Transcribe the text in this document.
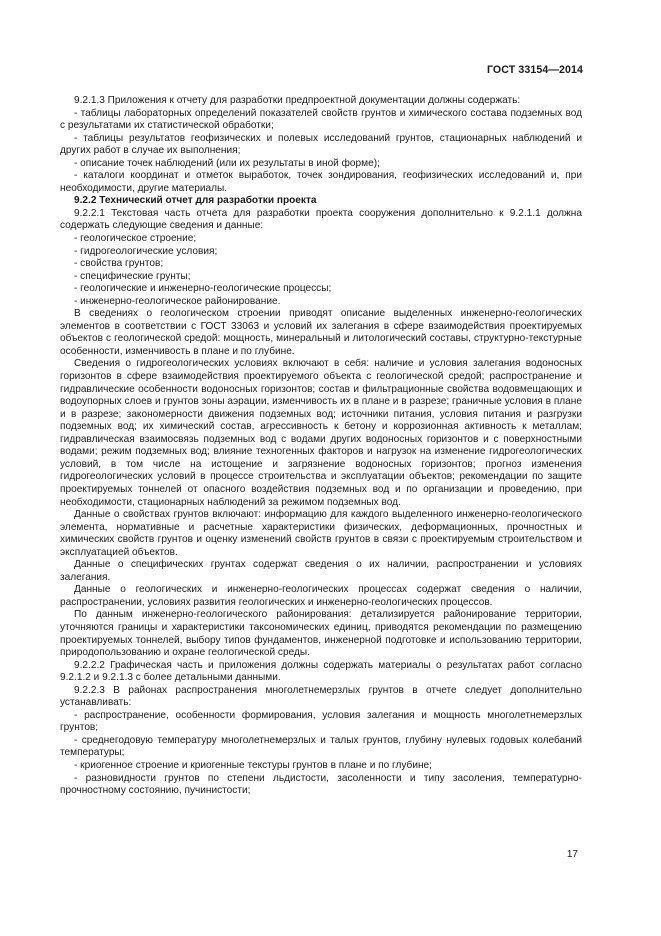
ГОСТ 33154—2014

9.2.1.3 Приложения к отчету для разработки предпроектной документации должны содержать:

- таблицы лабораторных определений показателей свойств грунтов и химического состава подземных вод с результатами их статистической обработки;

- таблицы результатов геофизических и полевых исследований грунтов, стационарных наблюдений и других работ в случае их выполнения;

- описание точек наблюдений (или их результаты в иной форме);

- каталоги координат и отметок выработок, точек зондирования, геофизических исследований и, при необходимости, другие материалы.

9.2.2 Технический отчет для разработки проекта

9.2.2.1 Текстовая часть отчета для разработки проекта сооружения дополнительно к 9.2.1.1 должна содержать следующие сведения и данные:

- геологическое строение;

- гидрогеологические условия;

- свойства грунтов;

- специфические грунты;

- геологические и инженерно-геологические процессы;

- инженерно-геологическое районирование.

В сведениях о геологическом строении приводят описание выделенных инженерно-геологических элементов в соответствии с ГОСТ 33063 и условий их залегания в сфере взаимодействия проектируемых объектов с геологической средой: мощность, минеральный и литологический составы, структурно-текстурные особенности, изменчивость в плане и по глубине.

Сведения о гидрогеологических условиях включают в себя: наличие и условия залегания водоносных горизонтов в сфере взаимодействия проектируемого объекта с геологической средой; распространение и гидравлические особенности водоносных горизонтов; состав и фильтрационные свойства водовмещающих и водоупорных слоев и грунтов зоны аэрации, изменчивость их в плане и в разрезе; граничные условия в плане и в разрезе; закономерности движения подземных вод; источники питания, условия питания и разгрузки подземных вод; их химический состав, агрессивность к бетону и коррозионная активность к металлам; гидравлическая взаимосвязь подземных вод с водами других водоносных горизонтов и с поверхностными водами; режим подземных вод; влияние техногенных факторов и нагрузок на изменение гидрогеологических условий, в том числе на истощение и загрязнение водоносных горизонтов; прогноз изменения гидрогеологических условий в процессе строительства и эксплуатации объектов; рекомендации по защите проектируемых тоннелей от опасного воздействия подземных вод и по организации и проведению, при необходимости, стационарных наблюдений за режимом подземных вод.

Данные о свойствах грунтов включают: информацию для каждого выделенного инженерно-геологического элемента, нормативные и расчетные характеристики физических, деформационных, прочностных и химических свойств грунтов и оценку изменений свойств грунтов в связи с проектируемым строительством и эксплуатацией объектов.

Данные о специфических грунтах содержат сведения о их наличии, распространении и условиях залегания.

Данные о геологических и инженерно-геологических процессах содержат сведения о наличии, распространении, условиях развития геологических и инженерно-геологических процессов.

По данным инженерно-геологического районирования: детализируется районирование территории, уточняются границы и характеристики таксономических единиц, приводятся рекомендации по размещению проектируемых тоннелей, выбору типов фундаментов, инженерной подготовке и использованию территории, природопользованию и охране геологической среды.

9.2.2.2 Графическая часть и приложения должны содержать материалы о результатах работ согласно 9.2.1.2 и 9.2.1.3 с более детальными данными.

9.2.2.3 В районах распространения многолетнемерзлых грунтов в отчете следует дополнительно устанавливать:

- распространение, особенности формирования, условия залегания и мощность многолетнемерзлых грунтов;

- среднегодовую температуру многолетнемерзлых и талых грунтов, глубину нулевых годовых колебаний температуры;

- криогенное строение и криогенные текстуры грунтов в плане и по глубине;

- разновидности грунтов по степени льдистости, засоленности и типу засоления, температурно-прочностному состоянию, пучинистости;

17
